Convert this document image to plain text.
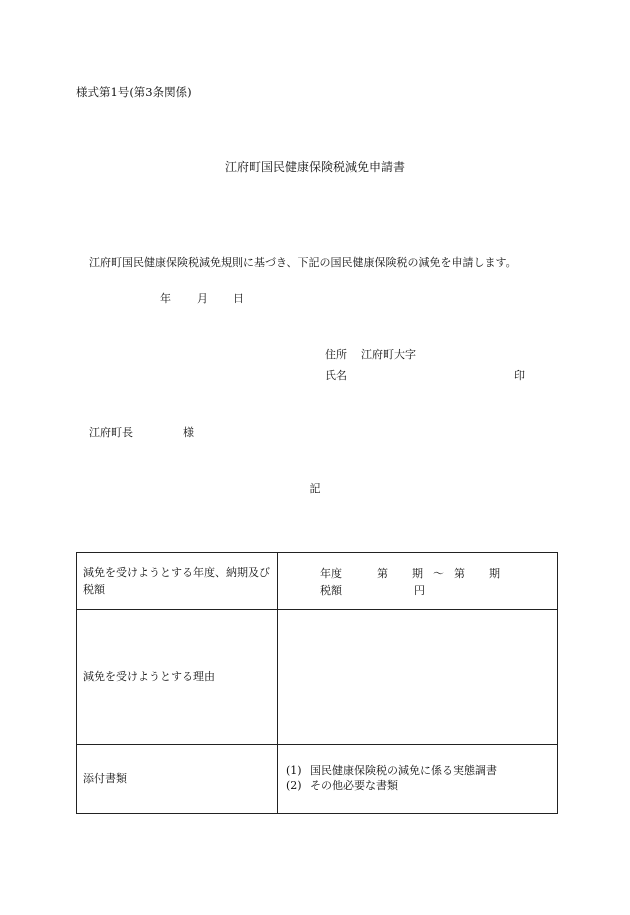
様式第1号(第3条関係)
江府町国民健康保険税減免申請書
江府町国民健康保険税減免規則に基づき、下記の国民健康保険税の減免を申請します。
年 月 日
住所 江府町大字
氏名	印
江府町長	様
記
減免を受けようとする年度、納期及び税額	年度 第 期 〜 第 期
税額 円

減免を受けようとする理由	
添付書類	(1) 国民健康保険税の減免に係る実態調書
(2) その他必要な書類
